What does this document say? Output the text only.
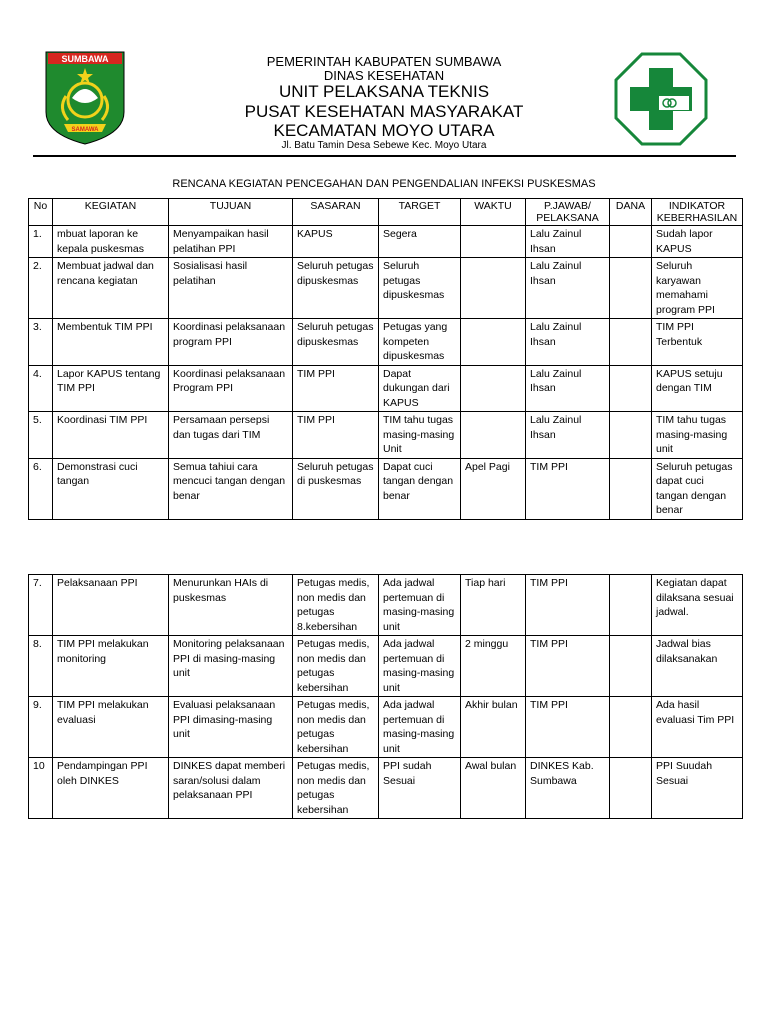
SUMBAWA
SAMAWA
PEMERINTAH KABUPATEN SUMBAWA
DINAS KESEHATAN
UNIT PELAKSANA TEKNIS
PUSAT KESEHATAN MASYARAKAT
KECAMATAN MOYO UTARA
Jl. Batu Tamin Desa Sebewe Kec. Moyo Utara
RENCANA KEGIATAN PENCEGAHAN DAN PENGENDALIAN INFEKSI PUSKESMAS
No	KEGIATAN	TUJUAN	SASARAN	TARGET	WAKTU	P.JAWAB/ PELAKSANA	DANA	INDIKATOR KEBERHASILAN
1.	mbuat laporan ke kepala puskesmas	Menyampaikan hasil pelatihan PPI	KAPUS	Segera		Lalu Zainul Ihsan		Sudah lapor KAPUS
2.	Membuat jadwal dan rencana kegiatan	Sosialisasi hasil pelatihan	Seluruh petugas dipuskesmas	Seluruh petugas dipuskesmas		Lalu Zainul Ihsan		Seluruh karyawan memahami program PPI
3.	Membentuk TIM PPI	Koordinasi pelaksanaan program PPI	Seluruh petugas dipuskesmas	Petugas yang kompeten dipuskesmas		Lalu Zainul Ihsan		TIM PPI Terbentuk
4.	Lapor KAPUS tentang TIM PPI	Koordinasi pelaksanaan Program PPI	TIM PPI	Dapat dukungan dari KAPUS		Lalu Zainul Ihsan		KAPUS setuju dengan TIM
5.	Koordinasi TIM PPI	Persamaan persepsi dan tugas dari TIM	TIM PPI	TIM tahu tugas masing-masing Unit		Lalu Zainul Ihsan		TIM tahu tugas masing-masing unit
6.	Demonstrasi cuci tangan	Semua tahiui cara mencuci tangan dengan benar	Seluruh petugas di puskesmas	Dapat cuci tangan dengan benar	Apel Pagi	TIM PPI		Seluruh petugas dapat cuci tangan dengan benar
7.	Pelaksanaan PPI	Menurunkan HAIs di puskesmas	Petugas medis, non medis dan petugas 8.kebersihan	Ada jadwal pertemuan di masing-masing unit	Tiap hari	TIM PPI		Kegiatan dapat dilaksana sesuai jadwal.
8.	TIM PPI melakukan monitoring	Monitoring pelaksanaan PPI di masing-masing unit	Petugas medis, non medis dan petugas kebersihan	Ada jadwal pertemuan di masing-masing unit	2 minggu	TIM PPI		Jadwal bias dilaksanakan
9.	TIM PPI melakukan evaluasi	Evaluasi pelaksanaan PPI dimasing-masing unit	Petugas medis, non medis dan petugas kebersihan	Ada jadwal pertemuan di masing-masing unit	Akhir bulan	TIM PPI		Ada hasil evaluasi Tim PPI
10	Pendampingan PPI oleh DINKES	DINKES dapat memberi saran/solusi dalam pelaksanaan PPI	Petugas medis, non medis dan petugas kebersihan	PPI sudah Sesuai	Awal bulan	DINKES Kab. Sumbawa		PPI Suudah Sesuai
